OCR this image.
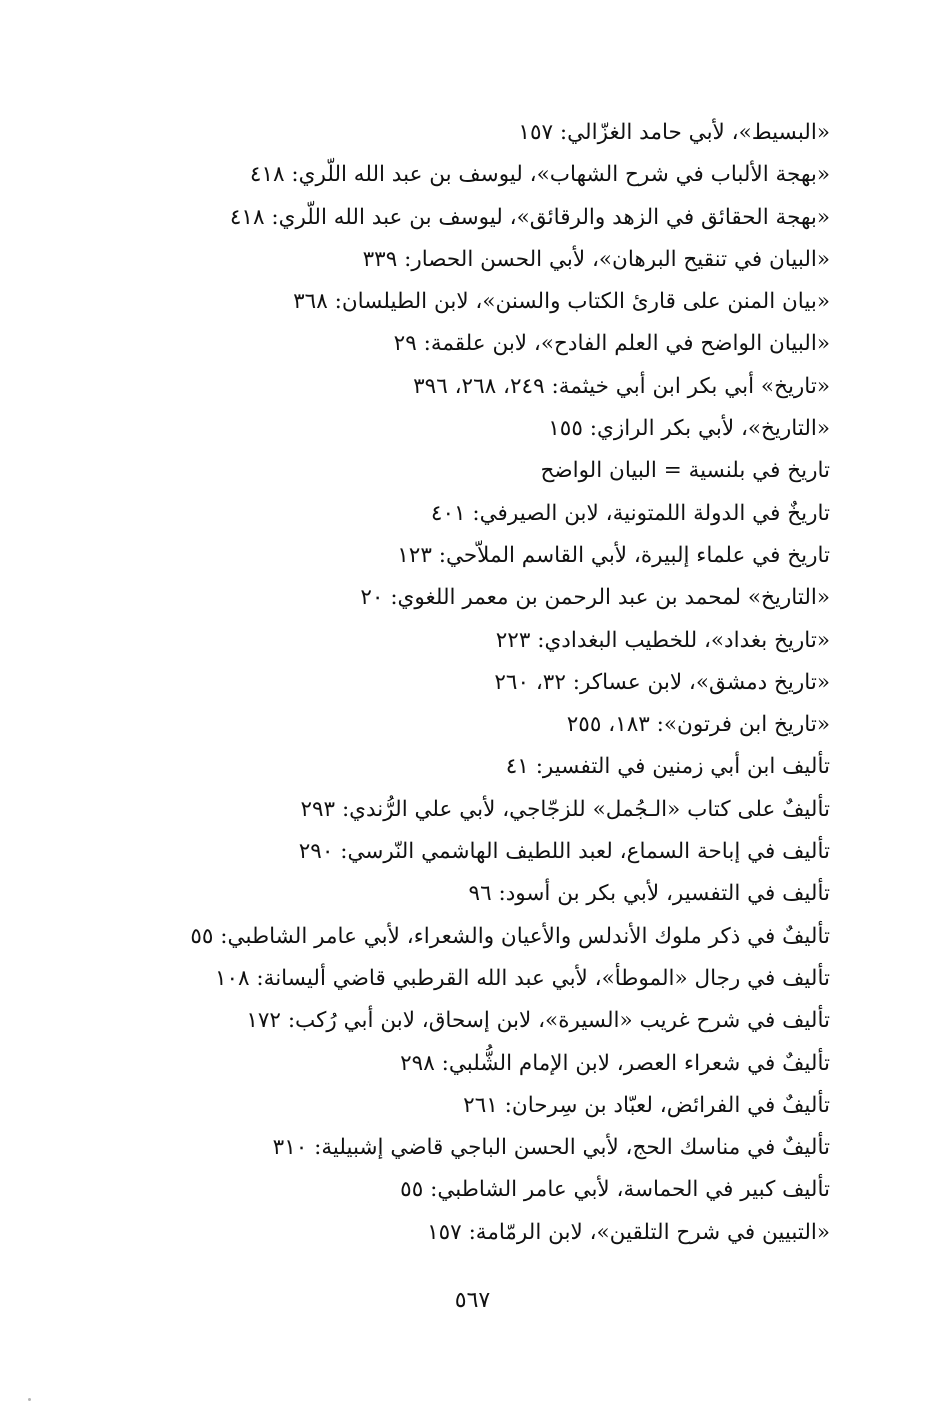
«البسيط»، لأبي حامد الغزّالي: ١٥٧
«بهجة الألباب في شرح الشهاب»، ليوسف بن عبد الله اللّري: ٤١٨
«بهجة الحقائق في الزهد والرقائق»، ليوسف بن عبد الله اللّري: ٤١٨
«البيان في تنقيح البرهان»، لأبي الحسن الحصار: ٣٣٩
«بيان المنن على قارئ الكتاب والسنن»، لابن الطيلسان: ٣٦٨
«البيان الواضح في العلم الفادح»، لابن علقمة: ٢٩
«تاريخ» أبي بكر ابن أبي خيثمة: ٢٤٩، ٢٦٨، ٣٩٦
«التاريخ»، لأبي بكر الرازي: ١٥٥
تاريخ في بلنسية = البيان الواضح
تاريخٌ في الدولة اللمتونية، لابن الصيرفي: ٤٠١
تاريخ في علماء إلبيرة، لأبي القاسم الملاّحي: ١٢٣
«التاريخ» لمحمد بن عبد الرحمن بن معمر اللغوي: ٢٠
«تاريخ بغداد»، للخطيب البغدادي: ٢٢٣
«تاريخ دمشق»، لابن عساكر: ٣٢، ٢٦٠
«تاريخ ابن فرتون»: ١٨٣، ٢٥٥
تأليف ابن أبي زمنين في التفسير: ٤١
تأليفٌ على كتاب «الـجُمل» للزجّاجي، لأبي علي الرُّندي: ٢٩٣
تأليف في إباحة السماع، لعبد اللطيف الهاشمي النّرسي: ٢٩٠
تأليف في التفسير، لأبي بكر بن أسود: ٩٦
تأليفٌ في ذكر ملوك الأندلس والأعيان والشعراء، لأبي عامر الشاطبي: ٥٥
تأليف في رجال «الموطأ»، لأبي عبد الله القرطبي قاضي أليسانة: ١٠٨
تأليف في شرح غريب «السيرة»، لابن إسحاق، لابن أبي رُكب: ١٧٢
تأليفٌ في شعراء العصر، لابن الإمام الشُّلبي: ٢٩٨
تأليفٌ في الفرائض، لعبّاد بن سِرحان: ٢٦١
تأليفٌ في مناسك الحج، لأبي الحسن الباجي قاضي إشبيلية: ٣١٠
تأليف كبير في الحماسة، لأبي عامر الشاطبي: ٥٥
«التبيين في شرح التلقين»، لابن الرمّامة: ١٥٧
٥٦٧
